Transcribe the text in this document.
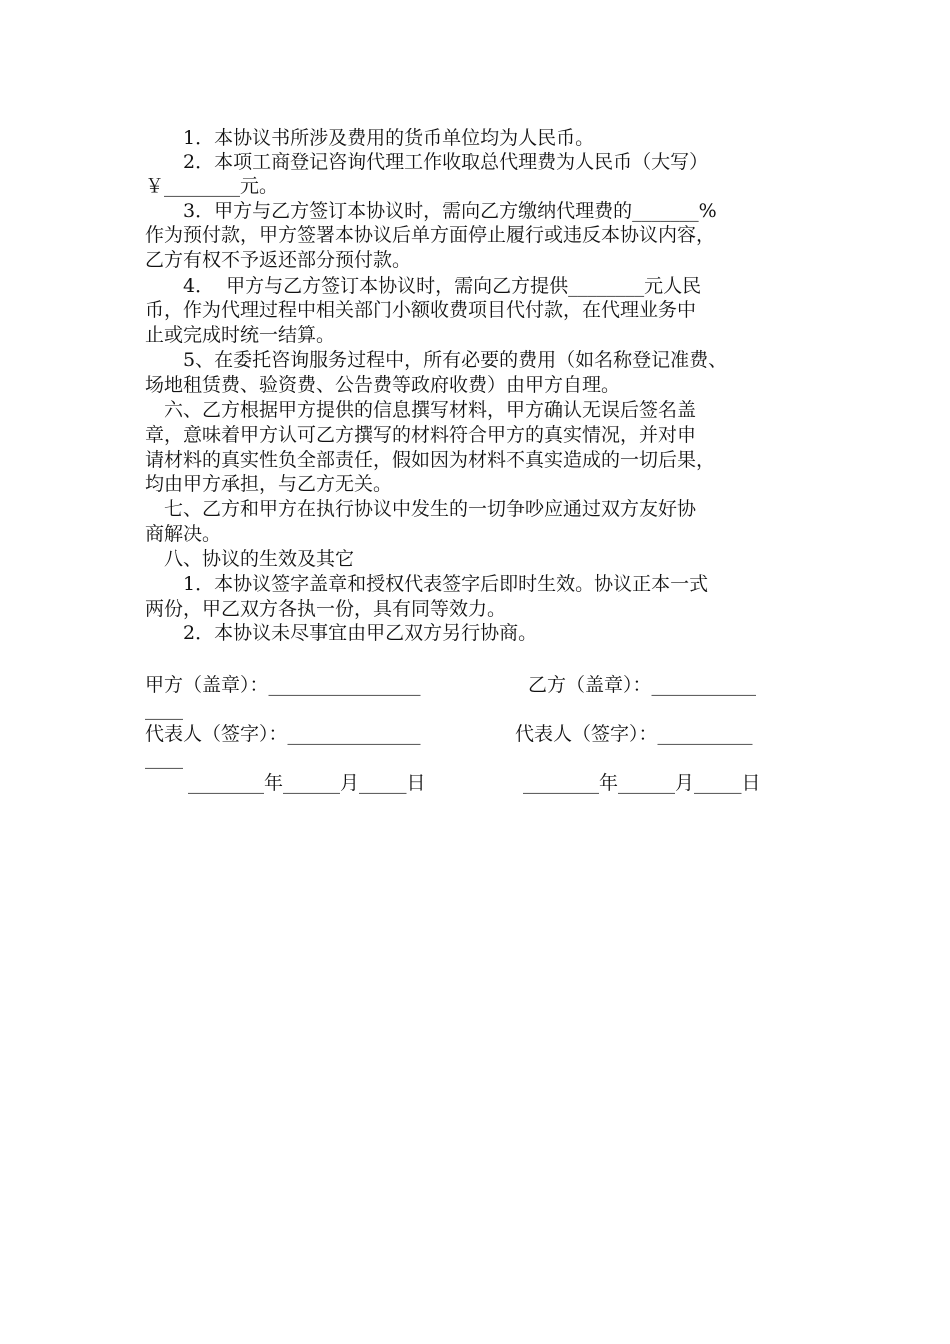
　　1．本协议书所涉及费用的货币单位均为人民币。

　　2．本项工商登记咨询代理工作收取总代理费为人民币（大写）

￥________元。

　　3．甲方与乙方签订本协议时，需向乙方缴纳代理费的_______%

作为预付款，甲方签署本协议后单方面停止履行或违反本协议内容，

乙方有权不予返还部分预付款。

　　4．  甲方与乙方签订本协议时，需向乙方提供________元人民

币，作为代理过程中相关部门小额收费项目代付款，在代理业务中

止或完成时统一结算。

　　5、在委托咨询服务过程中，所有必要的费用（如名称登记准费、

场地租赁费、验资费、公告费等政府收费）由甲方自理。

　六、乙方根据甲方提供的信息撰写材料，甲方确认无误后签名盖

章，意味着甲方认可乙方撰写的材料符合甲方的真实情况，并对申

请材料的真实性负全部责任，假如因为材料不真实造成的一切后果，

均由甲方承担，与乙方无关。

　七、乙方和甲方在执行协议中发生的一切争吵应通过双方友好协

商解决。

　八、协议的生效及其它

　　1．本协议签字盖章和授权代表签字后即时生效。协议正本一式

两份，甲乙双方各执一份，具有同等效力。

　　2．本协议未尽事宜由甲乙双方另行协商。

甲方（盖章）：________________	乙方（盖章）：___________

____

代表人（签字）：______________	代表人（签字）：__________

____

________年______月_____日	________年______月_____日
